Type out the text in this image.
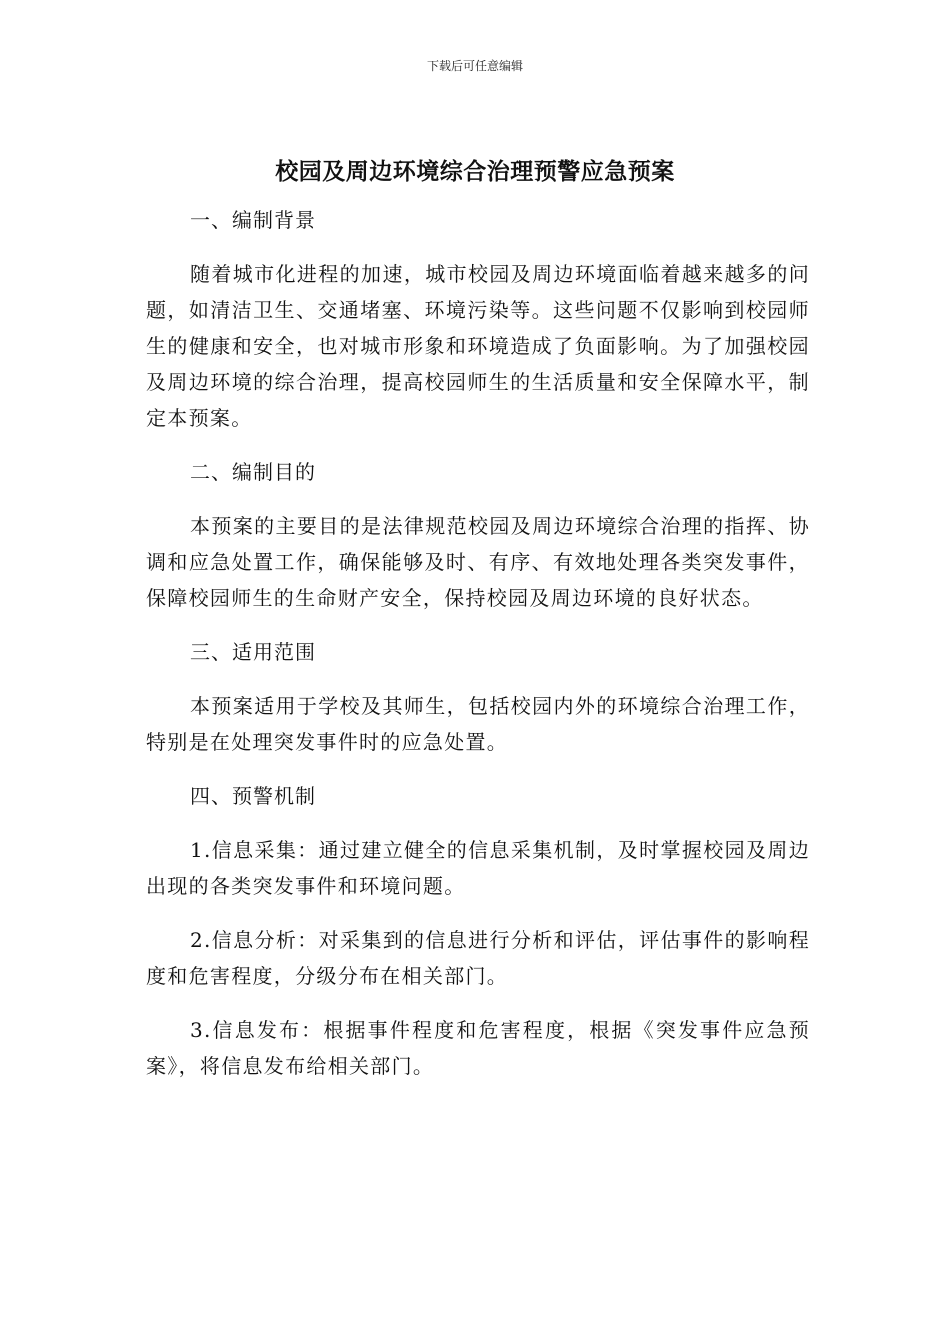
下载后可任意编辑
校园及周边环境综合治理预警应急预案

一、编制背景

随着城市化进程的加速，城市校园及周边环境面临着越来越多的问题，如清洁卫生、交通堵塞、环境污染等。这些问题不仅影响到校园师生的健康和安全，也对城市形象和环境造成了负面影响。为了加强校园及周边环境的综合治理，提高校园师生的生活质量和安全保障水平，制定本预案。

二、编制目的

本预案的主要目的是法律规范校园及周边环境综合治理的指挥、协调和应急处置工作，确保能够及时、有序、有效地处理各类突发事件，保障校园师生的生命财产安全，保持校园及周边环境的良好状态。

三、适用范围

本预案适用于学校及其师生，包括校园内外的环境综合治理工作，特别是在处理突发事件时的应急处置。

四、预警机制

1.信息采集：通过建立健全的信息采集机制，及时掌握校园及周边出现的各类突发事件和环境问题。

2.信息分析：对采集到的信息进行分析和评估，评估事件的影响程度和危害程度，分级分布在相关部门。

3.信息发布：根据事件程度和危害程度，根据《突发事件应急预案》，将信息发布给相关部门。
